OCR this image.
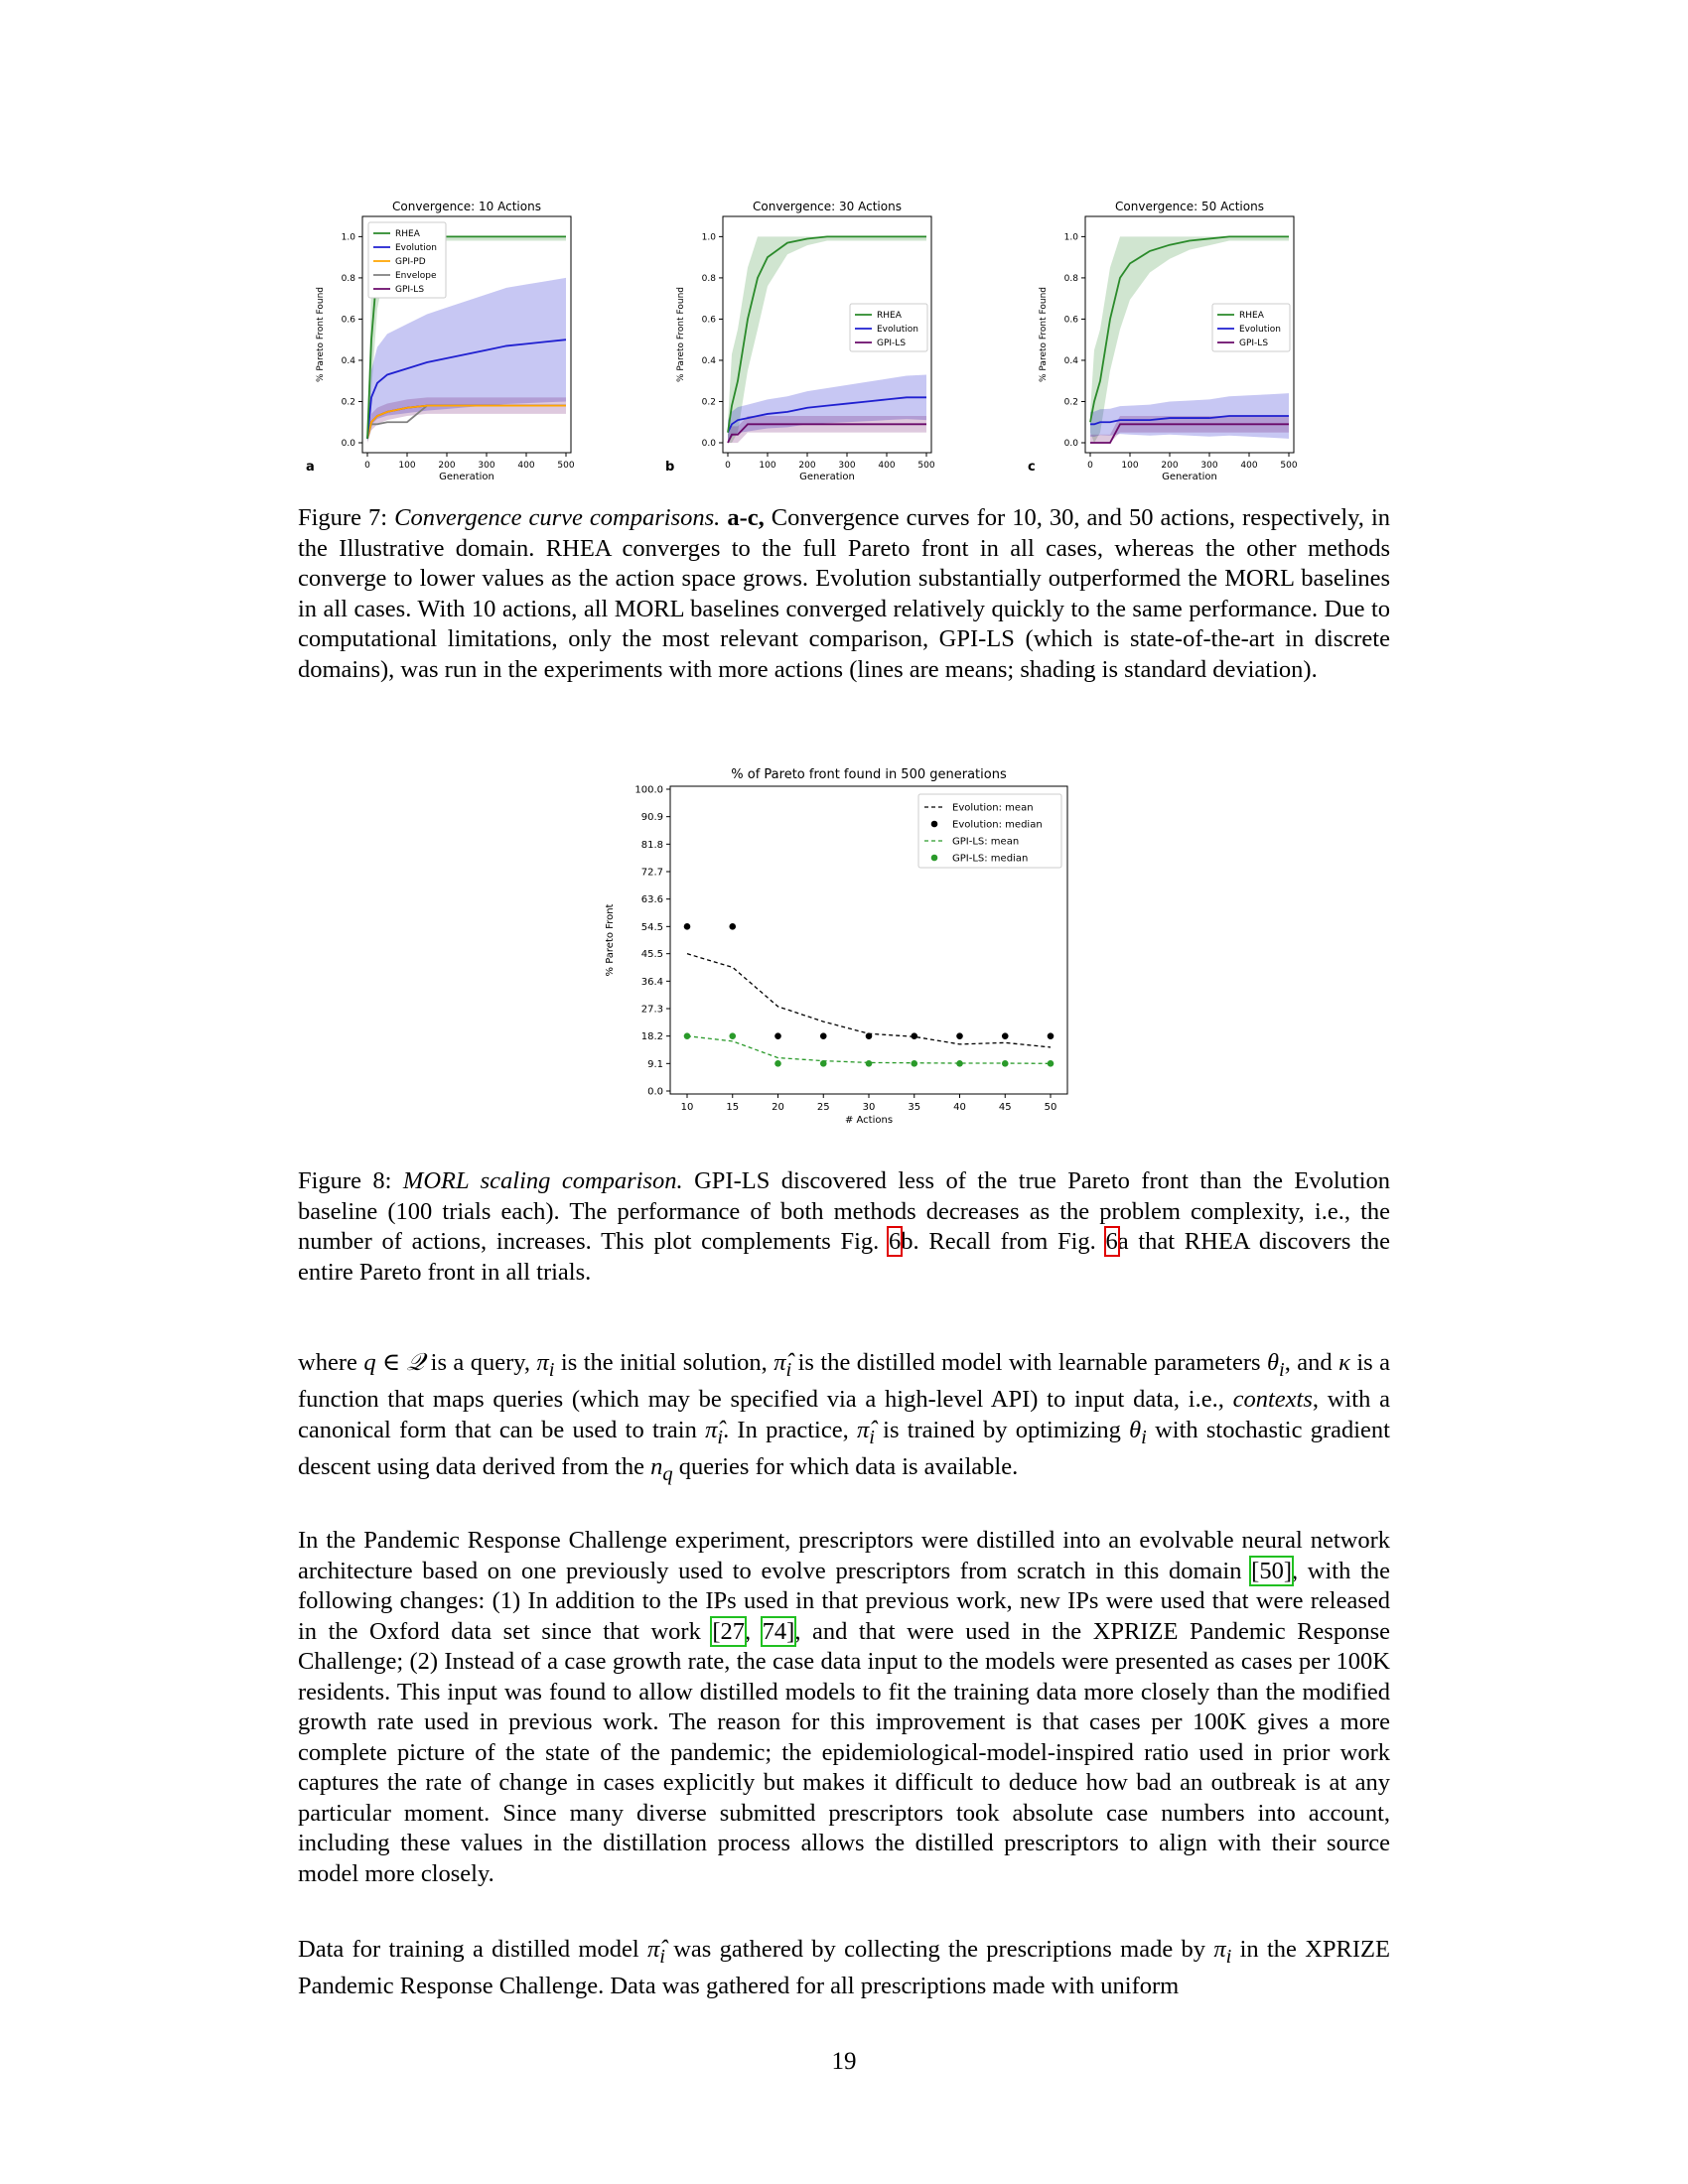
0	100	200	300	400	500
0.0
0.2
0.4
0.6
0.8
1.0
Convergence: 10 Actions
Generation
% Pareto Front Found
a
RHEA
Evolution
GPI-PD
Envelope
GPI-LS
0	100	200	300	400	500
0.0
0.2
0.4
0.6
0.8
1.0
Convergence: 30 Actions
Generation
% Pareto Front Found
b
RHEA
Evolution
GPI-LS
0	100	200	300	400	500
0.0
0.2
0.4
0.6
0.8
1.0
Convergence: 50 Actions
Generation
% Pareto Front Found
c
RHEA
Evolution
GPI-LS
Figure 7: Convergence curve comparisons. a-c, Convergence curves for 10, 30, and 50 actions, respectively, in the Illustrative domain. RHEA converges to the full Pareto front in all cases, whereas the other methods converge to lower values as the action space grows. Evolution substantially outperformed the MORL baselines in all cases. With 10 actions, all MORL baselines converged relatively quickly to the same performance. Due to computational limitations, only the most relevant comparison, GPI-LS (which is state-of-the-art in discrete domains), was run in the experiments with more actions (lines are means; shading is standard deviation).
0.0
9.1
18.2
27.3
36.4
45.5
54.5
63.6
72.7
81.8
90.9
100.0
10	15	20	25	30	35	40	45	50
% of Pareto front found in 500 generations
# Actions
% Pareto Front
Evolution: mean
Evolution: median
GPI-LS: mean
GPI-LS: median
Figure 8: MORL scaling comparison. GPI-LS discovered less of the true Pareto front than the Evolution baseline (100 trials each). The performance of both methods decreases as the problem complexity, i.e., the number of actions, increases. This plot complements Fig. 6b. Recall from Fig. 6a that RHEA discovers the entire Pareto front in all trials.
where q ∈ 𝒬 is a query, $\pi_i$ is the initial solution, $\pî_i$ is the distilled model with learnable parameters $\theta_i$, and κ is a function that maps queries (which may be specified via a high-level API) to input data, i.e., contexts, with a canonical form that can be used to train $\pî_i$. In practice, $\pî_i$ is trained by optimizing $\theta_i$ with stochastic gradient descent using data derived from the $n_q$ queries for which data is available.
In the Pandemic Response Challenge experiment, prescriptors were distilled into an evolvable neural network architecture based on one previously used to evolve prescriptors from scratch in this domain [50], with the following changes: (1) In addition to the IPs used in that previous work, new IPs were used that were released in the Oxford data set since that work [27, 74], and that were used in the XPRIZE Pandemic Response Challenge; (2) Instead of a case growth rate, the case data input to the models were presented as cases per 100K residents. This input was found to allow distilled models to fit the training data more closely than the modified growth rate used in previous work. The reason for this improvement is that cases per 100K gives a more complete picture of the state of the pandemic; the epidemiological-model-inspired ratio used in prior work captures the rate of change in cases explicitly but makes it difficult to deduce how bad an outbreak is at any particular moment. Since many diverse submitted prescriptors took absolute case numbers into account, including these values in the distillation process allows the distilled prescriptors to align with their source model more closely.
Data for training a distilled model $\pî_i$ was gathered by collecting the prescriptions made by $\pi_i$ in the XPRIZE Pandemic Response Challenge. Data was gathered for all prescriptions made with uniform
19
